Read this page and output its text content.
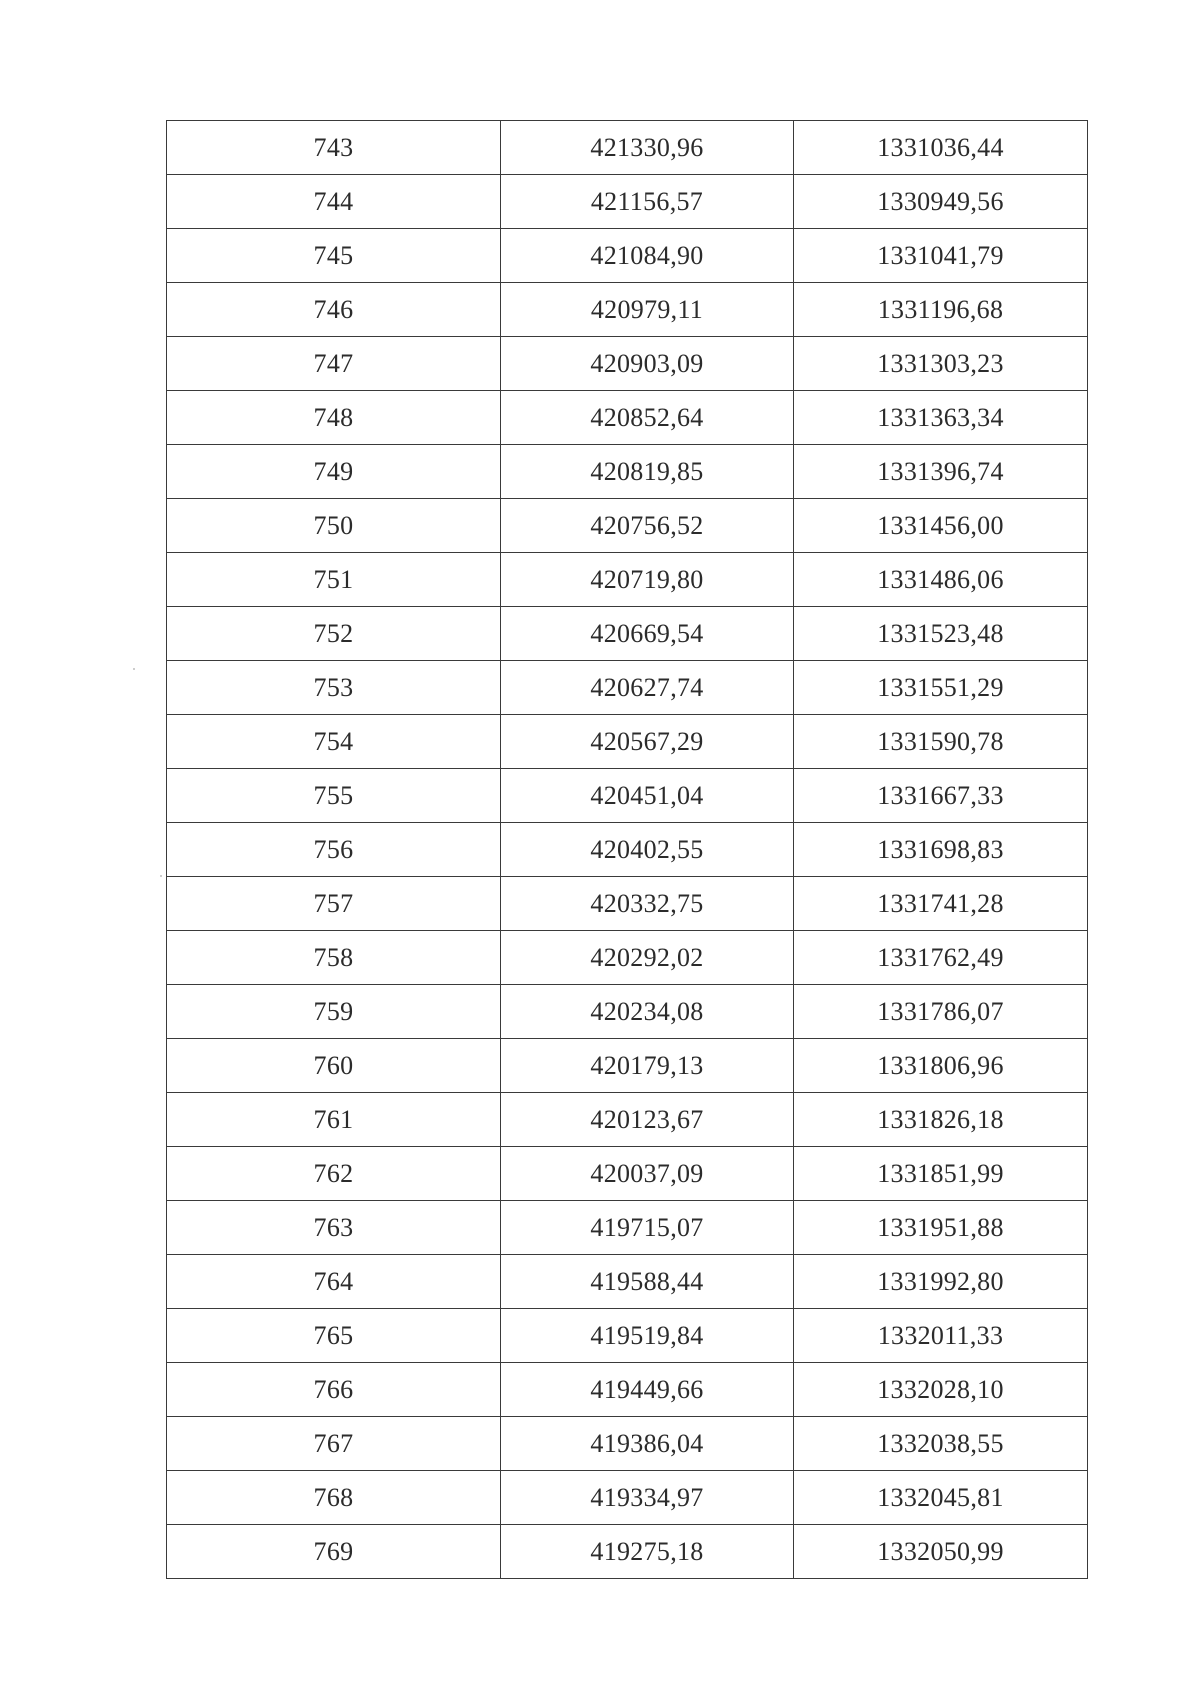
743	421330,96	1331036,44
744	421156,57	1330949,56
745	421084,90	1331041,79
746	420979,11	1331196,68
747	420903,09	1331303,23
748	420852,64	1331363,34
749	420819,85	1331396,74
750	420756,52	1331456,00
751	420719,80	1331486,06
752	420669,54	1331523,48
753	420627,74	1331551,29
754	420567,29	1331590,78
755	420451,04	1331667,33
756	420402,55	1331698,83
757	420332,75	1331741,28
758	420292,02	1331762,49
759	420234,08	1331786,07
760	420179,13	1331806,96
761	420123,67	1331826,18
762	420037,09	1331851,99
763	419715,07	1331951,88
764	419588,44	1331992,80
765	419519,84	1332011,33
766	419449,66	1332028,10
767	419386,04	1332038,55
768	419334,97	1332045,81
769	419275,18	1332050,99
